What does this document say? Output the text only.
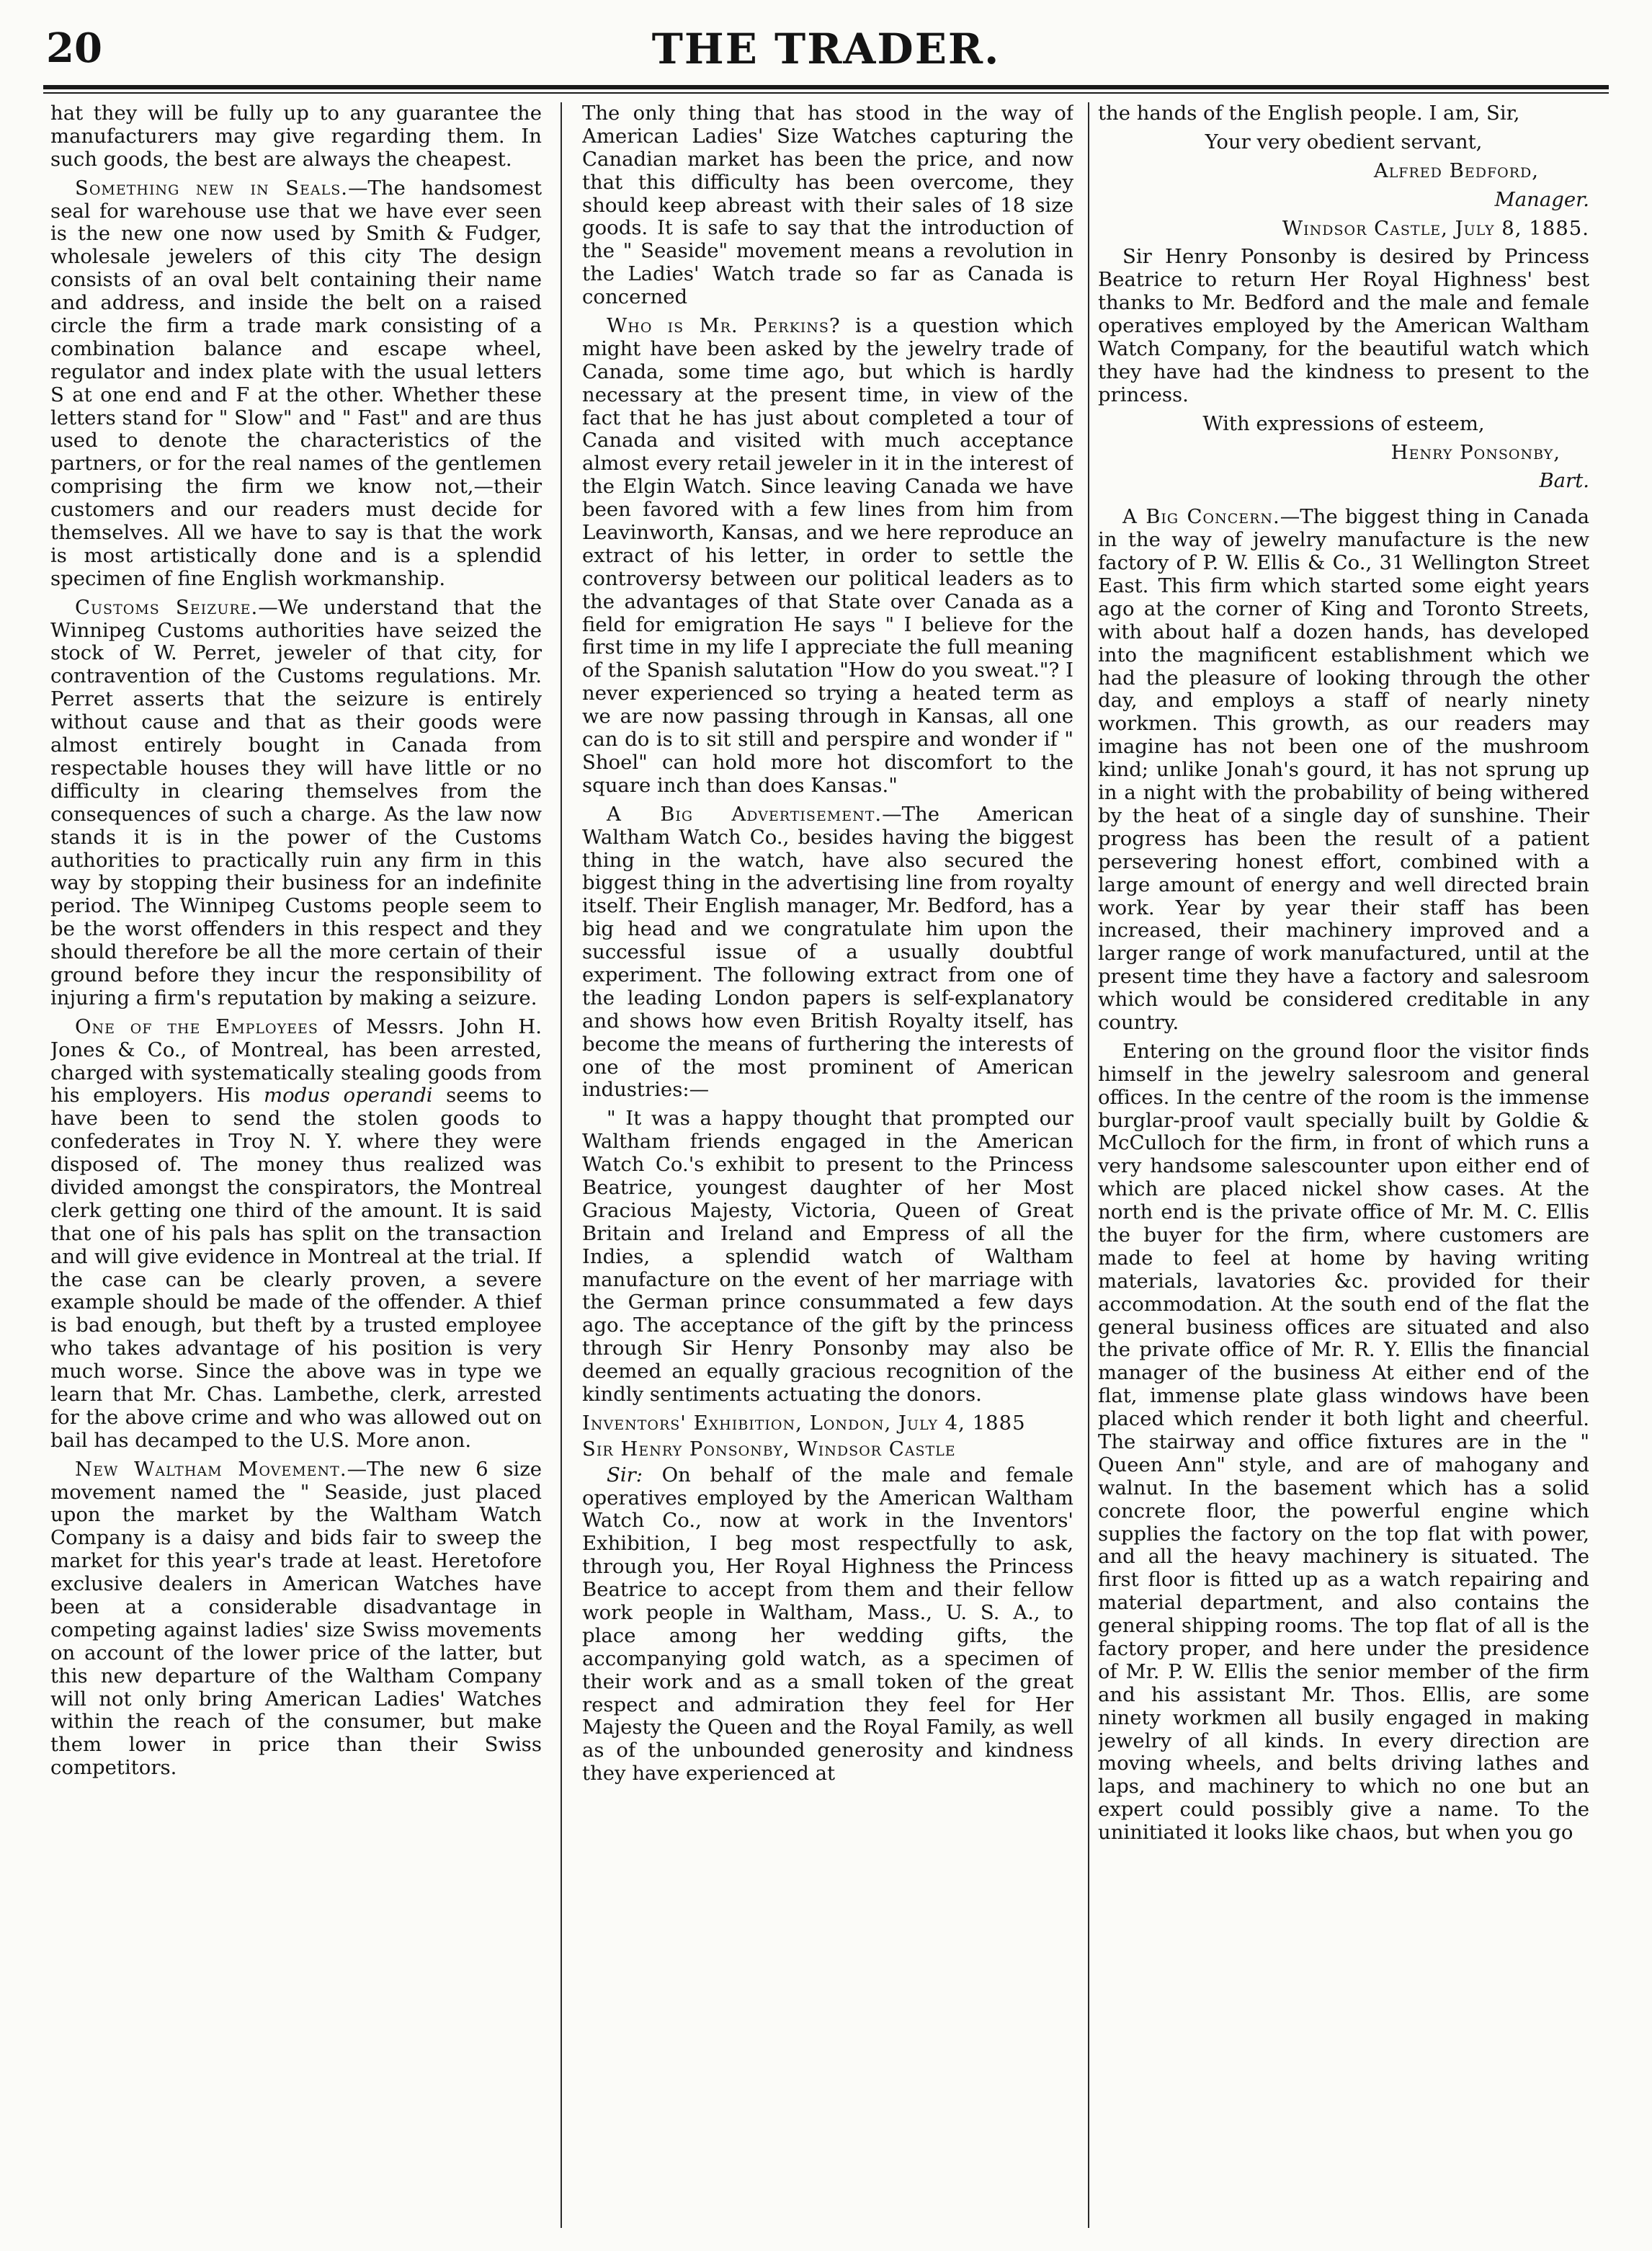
20	THE TRADER.

hat they will be fully up to any guarantee the manufacturers may give regarding them. In such goods, the best are always the cheapest.

Something new in Seals.—The handsomest seal for warehouse use that we have ever seen is the new one now used by Smith & Fudger, wholesale jewelers of this city The design consists of an oval belt containing their name and address, and inside the belt on a raised circle the firm a trade mark consisting of a combination balance and escape wheel, regulator and index plate with the usual letters S at one end and F at the other. Whether these letters stand for " Slow" and " Fast" and are thus used to denote the characteristics of the partners, or for the real names of the gentlemen comprising the firm we know not,—their customers and our readers must decide for themselves. All we have to say is that the work is most artistically done and is a splendid specimen of fine English workmanship.

Customs Seizure.—We understand that the Winnipeg Customs authorities have seized the stock of W. Perret, jeweler of that city, for contravention of the Customs regulations. Mr. Perret asserts that the seizure is entirely without cause and that as their goods were almost entirely bought in Canada from respectable houses they will have little or no difficulty in clearing themselves from the consequences of such a charge. As the law now stands it is in the power of the Customs authorities to practically ruin any firm in this way by stopping their business for an indefinite period. The Winnipeg Customs people seem to be the worst offenders in this respect and they should therefore be all the more certain of their ground before they incur the responsibility of injuring a firm's reputation by making a seizure.

One of the Employees of Messrs. John H. Jones & Co., of Montreal, has been arrested, charged with systematically stealing goods from his employers. His modus operandi seems to have been to send the stolen goods to confederates in Troy N. Y. where they were disposed of. The money thus realized was divided amongst the conspirators, the Montreal clerk getting one third of the amount. It is said that one of his pals has split on the transaction and will give evidence in Montreal at the trial. If the case can be clearly proven, a severe example should be made of the offender. A thief is bad enough, but theft by a trusted employee who takes advantage of his position is very much worse. Since the above was in type we learn that Mr. Chas. Lambethe, clerk, arrested for the above crime and who was allowed out on bail has decamped to the U.S. More anon.

New Waltham Movement.—The new 6 size movement named the " Seaside, just placed upon the market by the Waltham Watch Company is a daisy and bids fair to sweep the market for this year's trade at least. Heretofore exclusive dealers in American Watches have been at a considerable disadvantage in competing against ladies' size Swiss movements on account of the lower price of the latter, but this new departure of the Waltham Company will not only bring American Ladies' Watches within the reach of the consumer, but make them lower in price than their Swiss competitors.

The only thing that has stood in the way of American Ladies' Size Watches capturing the Canadian market has been the price, and now that this difficulty has been overcome, they should keep abreast with their sales of 18 size goods. It is safe to say that the introduction of the " Seaside" movement means a revolution in the Ladies' Watch trade so far as Canada is concerned

Who is Mr. Perkins? is a question which might have been asked by the jewelry trade of Canada, some time ago, but which is hardly necessary at the present time, in view of the fact that he has just about completed a tour of Canada and visited with much acceptance almost every retail jeweler in it in the interest of the Elgin Watch. Since leaving Canada we have been favored with a few lines from him from Leavinworth, Kansas, and we here reproduce an extract of his letter, in order to settle the controversy between our political leaders as to the advantages of that State over Canada as a field for emigration He says " I believe for the first time in my life I appreciate the full meaning of the Spanish salutation "How do you sweat."? I never experienced so trying a heated term as we are now passing through in Kansas, all one can do is to sit still and perspire and wonder if " Shoel" can hold more hot discomfort to the square inch than does Kansas."

A Big Advertisement.—The American Waltham Watch Co., besides having the biggest thing in the watch, have also secured the biggest thing in the advertising line from royalty itself. Their English manager, Mr. Bedford, has a big head and we congratulate him upon the successful issue of a usually doubtful experiment. The following extract from one of the leading London papers is self-explanatory and shows how even British Royalty itself, has become the means of furthering the interests of one of the most prominent of American industries:—

" It was a happy thought that prompted our Waltham friends engaged in the American Watch Co.'s exhibit to present to the Princess Beatrice, youngest daughter of her Most Gracious Majesty, Victoria, Queen of Great Britain and Ireland and Empress of all the Indies, a splendid watch of Waltham manufacture on the event of her marriage with the German prince consummated a few days ago. The acceptance of the gift by the princess through Sir Henry Ponsonby may also be deemed an equally gracious recognition of the kindly sentiments actuating the donors.

Inventors' Exhibition, London, July 4, 1885

Sir Henry Ponsonby, Windsor Castle

Sir: On behalf of the male and female operatives employed by the American Waltham Watch Co., now at work in the Inventors' Exhibition, I beg most respectfully to ask, through you, Her Royal Highness the Princess Beatrice to accept from them and their fellow work people in Waltham, Mass., U. S. A., to place among her wedding gifts, the accompanying gold watch, as a specimen of their work and as a small token of the great respect and admiration they feel for Her Majesty the Queen and the Royal Family, as well as of the unbounded generosity and kindness they have experienced at

the hands of the English people. I am, Sir,

Your very obedient servant,

Alfred Bedford,

Manager.

Windsor Castle, July 8, 1885.

Sir Henry Ponsonby is desired by Princess Beatrice to return Her Royal Highness' best thanks to Mr. Bedford and the male and female operatives employed by the American Waltham Watch Company, for the beautiful watch which they have had the kindness to present to the princess.

With expressions of esteem,

Henry Ponsonby,

Bart.

A Big Concern.—The biggest thing in Canada in the way of jewelry manufacture is the new factory of P. W. Ellis & Co., 31 Wellington Street East. This firm which started some eight years ago at the corner of King and Toronto Streets, with about half a dozen hands, has developed into the magnificent establishment which we had the pleasure of looking through the other day, and employs a staff of nearly ninety workmen. This growth, as our readers may imagine has not been one of the mushroom kind; unlike Jonah's gourd, it has not sprung up in a night with the probability of being withered by the heat of a single day of sunshine. Their progress has been the result of a patient persevering honest effort, combined with a large amount of energy and well directed brain work. Year by year their staff has been increased, their machinery improved and a larger range of work manufactured, until at the present time they have a factory and salesroom which would be considered creditable in any country.

Entering on the ground floor the visitor finds himself in the jewelry salesroom and general offices. In the centre of the room is the immense burglar-proof vault specially built by Goldie & McCulloch for the firm, in front of which runs a very handsome salescounter upon either end of which are placed nickel show cases. At the north end is the private office of Mr. M. C. Ellis the buyer for the firm, where customers are made to feel at home by having writing materials, lavatories &c. provided for their accommodation. At the south end of the flat the general business offices are situated and also the private office of Mr. R. Y. Ellis the financial manager of the business At either end of the flat, immense plate glass windows have been placed which render it both light and cheerful. The stairway and office fixtures are in the " Queen Ann" style, and are of mahogany and walnut. In the basement which has a solid concrete floor, the powerful engine which supplies the factory on the top flat with power, and all the heavy machinery is situated. The first floor is fitted up as a watch repairing and material department, and also contains the general shipping rooms. The top flat of all is the factory proper, and here under the presidence of Mr. P. W. Ellis the senior member of the firm and his assistant Mr. Thos. Ellis, are some ninety workmen all busily engaged in making jewelry of all kinds. In every direction are moving wheels, and belts driving lathes and laps, and machinery to which no one but an expert could possibly give a name. To the uninitiated it looks like chaos, but when you go
